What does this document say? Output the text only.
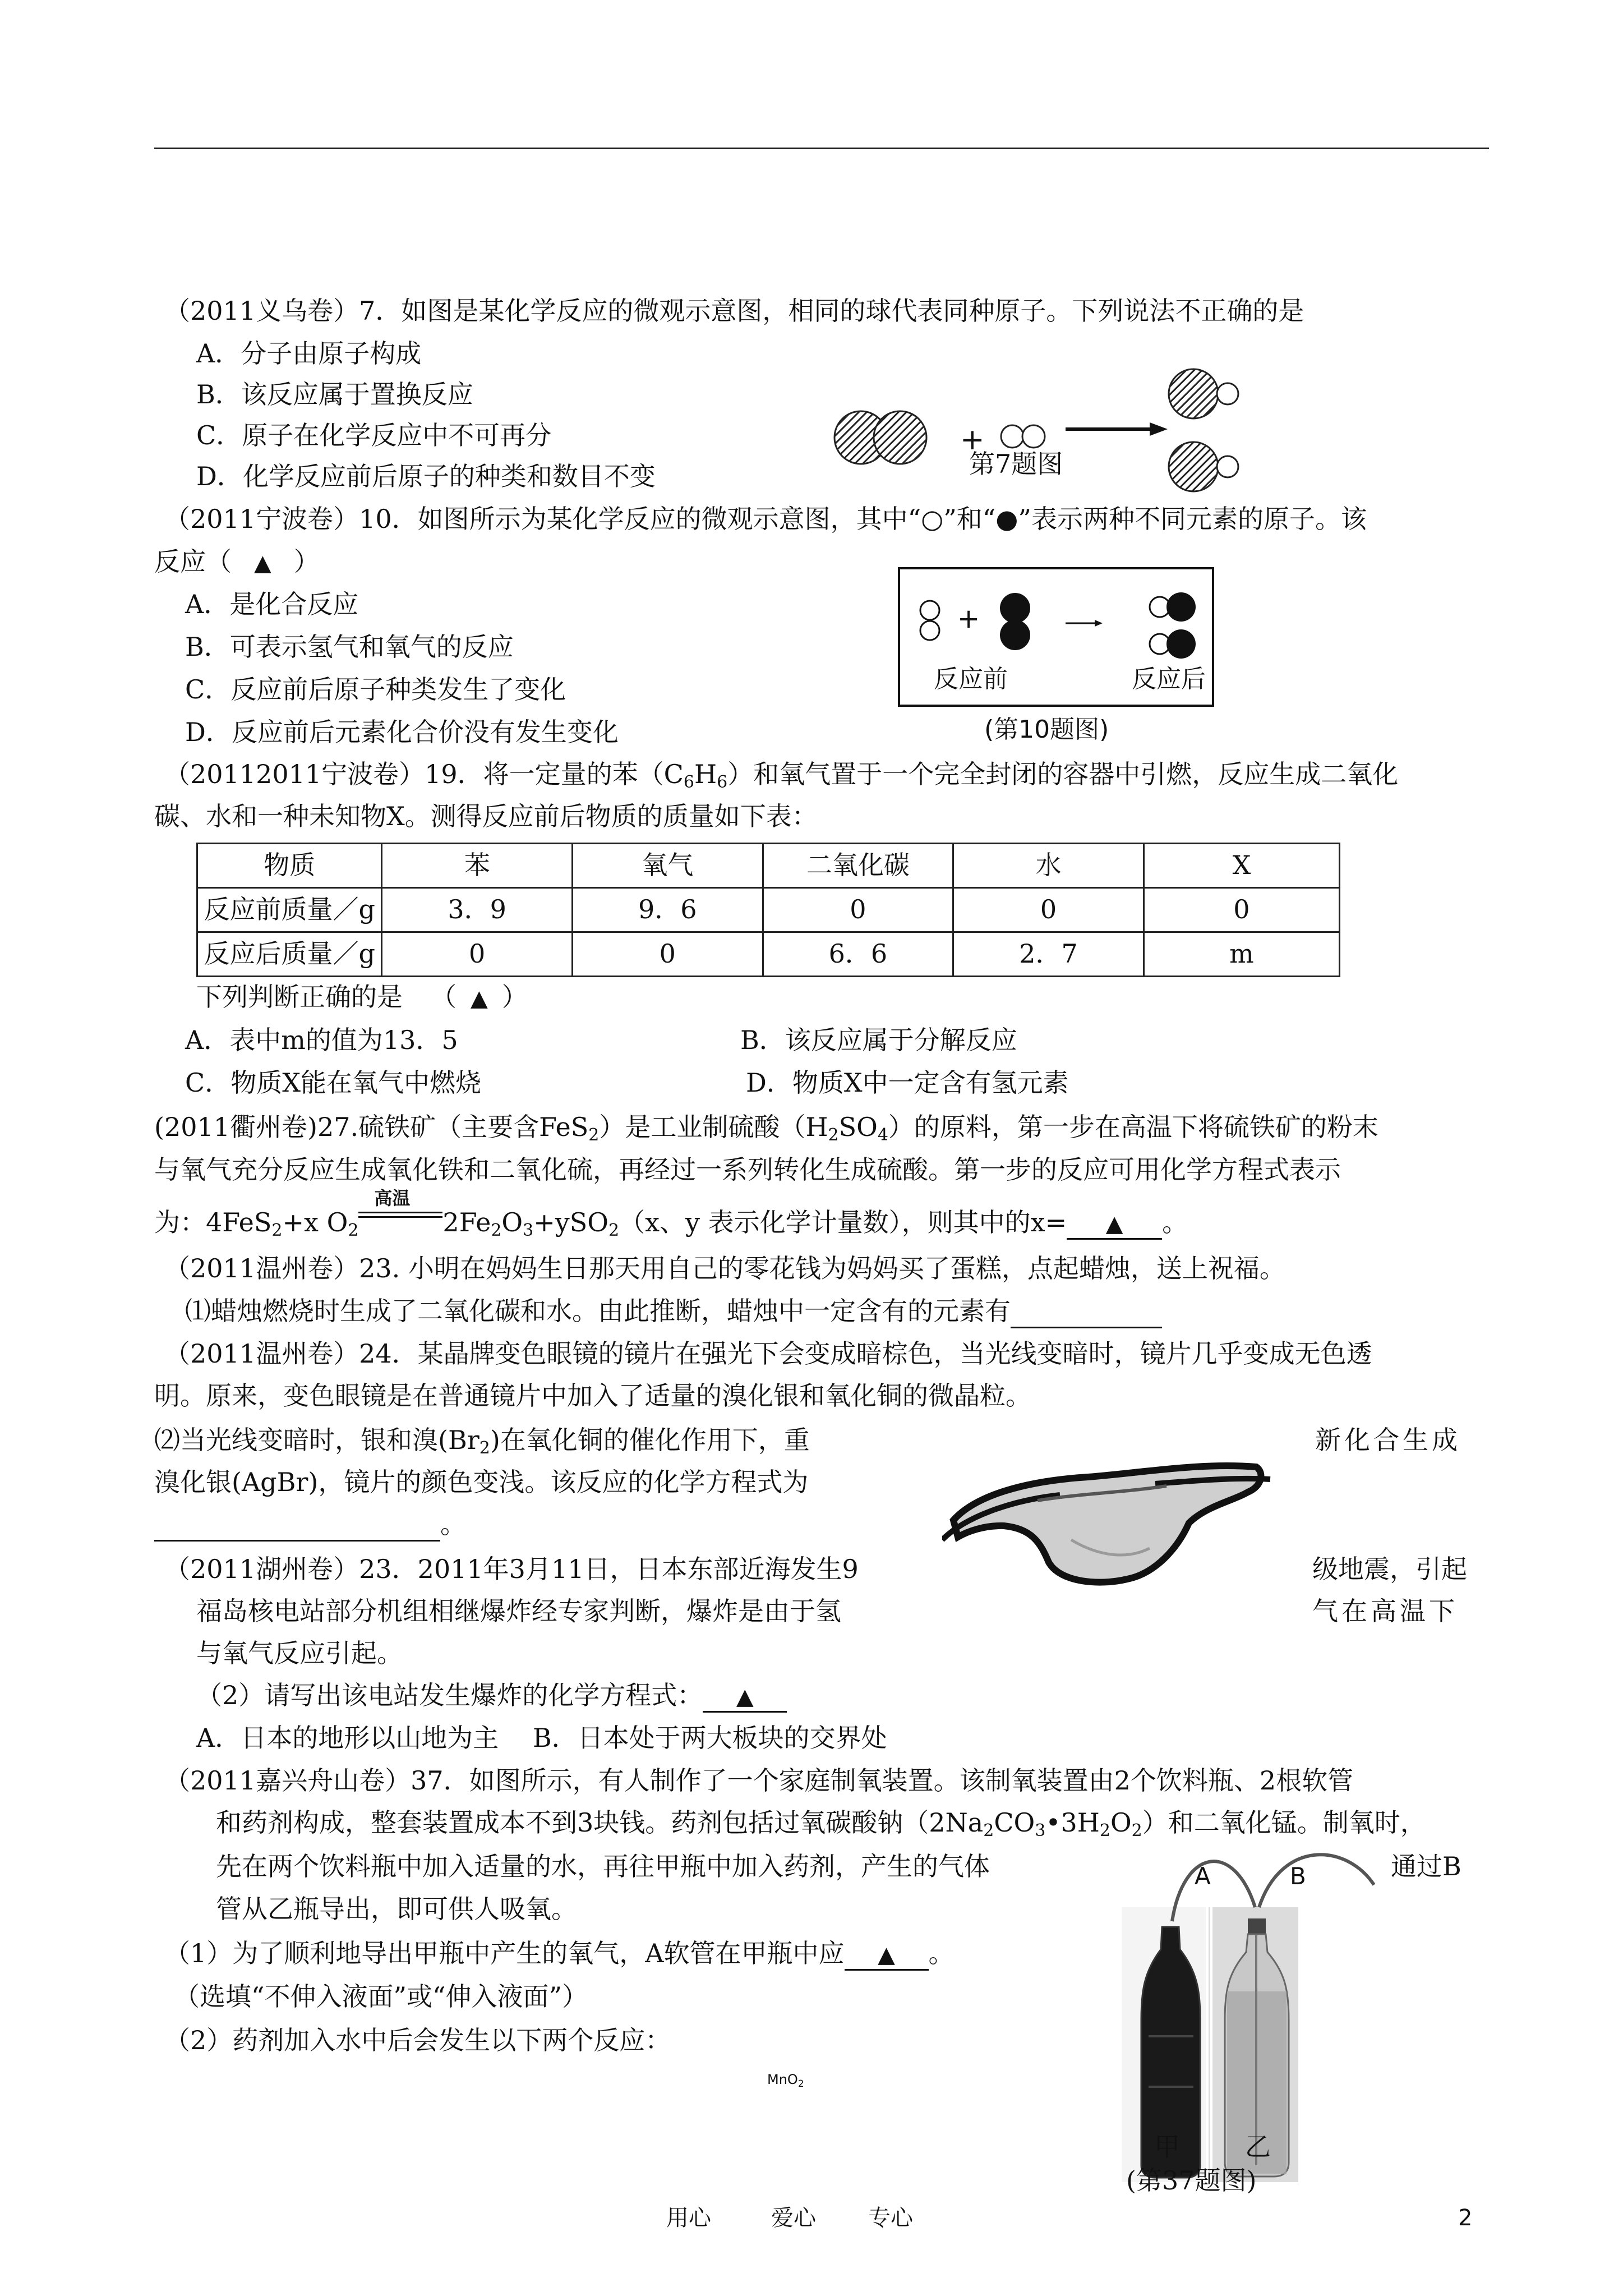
（2011义乌卷）7．如图是某化学反应的微观示意图，相同的球代表同种原子。下列说法不正确的是
A．分子由原子构成
B．该反应属于置换反应
C．原子在化学反应中不可再分
D．化学反应前后原子的种类和数目不变
+
第7题图
（2011宁波卷）10．如图所示为某化学反应的微观示意图，其中“○”和“●”表示两种不同元素的原子。该
反应（ ▲ ）
A．是化合反应
B．可表示氢气和氧气的反应
C．反应前后原子种类发生了变化
D．反应前后元素化合价没有发生变化
+
反应前	反应后
(第10题图)
（20112011宁波卷）19．将一定量的苯$(C_6H_6)$和氧气置于一个完全封闭的容器中引燃，反应生成二氧化
碳、水和一种未知物X。测得反应前后物质的质量如下表：
物质	苯	氧气	二氧化碳	水	X
反应前质量／g	3．9	9．6	0	0	0
反应后质量／g	0	0	6．6	2．7	m
下列判断正确的是 （ ▲ ）
A．表中m的值为13．5	B．该反应属于分解反应
C．物质X能在氧气中燃烧	D．物质X中一定含有氢元素
(2011衢州卷)27.硫铁矿（主要含FeS$_2$）是工业制硫酸$(H_2SO_4)$的原料，第一步在高温下将硫铁矿的粉末
与氧气充分反应生成氧化铁和二氧化硫，再经过一系列转化生成硫酸。第一步的反应可用化学方程式表示
为：4FeS$_2$+x $O_2$
高温
$2Fe_2O_3+ySO_2(x$、y 表示化学计量数），则其中的x= ▲ 。
（2011温州卷）23. 小明在妈妈生日那天用自己的零花钱为妈妈买了蛋糕，点起蜡烛，送上祝福。
⑴蜡烛燃烧时生成了二氧化碳和水。由此推断，蜡烛中一定含有的元素有
（2011温州卷）24．某晶牌变色眼镜的镜片在强光下会变成暗棕色，当光线变暗时，镜片几乎变成无色透
明。原来，变色眼镜是在普通镜片中加入了适量的溴化银和氧化铜的微晶粒。
⑵当光线变暗时，银和溴$(Br_2)$在氧化铜的催化作用下，重	新化合生成
溴化银(AgBr)，镜片的颜色变浅。该反应的化学方程式为
。
（2011湖州卷）23．2011年3月11日，日本东部近海发生9	级地震，引起
福岛核电站部分机组相继爆炸经专家判断，爆炸是由于氢	气在高温下
与氧气反应引起。
（2）请写出该电站发生爆炸的化学方程式： ▲
A．日本的地形以山地为主　 B．日本处于两大板块的交界处
（2011嘉兴舟山卷）37．如图所示，有人制作了一个家庭制氧装置。该制氧装置由2个饮料瓶、2根软管
和药剂构成，整套装置成本不到3块钱。药剂包括过氧碳酸钠$(2Na_2CO_3•3H_2O_2)$和二氧化锰。制氧时，
先在两个饮料瓶中加入适量的水，再往甲瓶中加入药剂，产生的气体	通过B
管从乙瓶导出，即可供人吸氧。
（1）为了顺利地导出甲瓶中产生的氧气，A软管在甲瓶中应 ▲ 。
（选填“不伸入液面”或“伸入液面”）
（2）药剂加入水中后会发生以下两个反应：
MnO$_2$
A	B
甲	乙
(第37题图)
用心	爱心 专心	2
